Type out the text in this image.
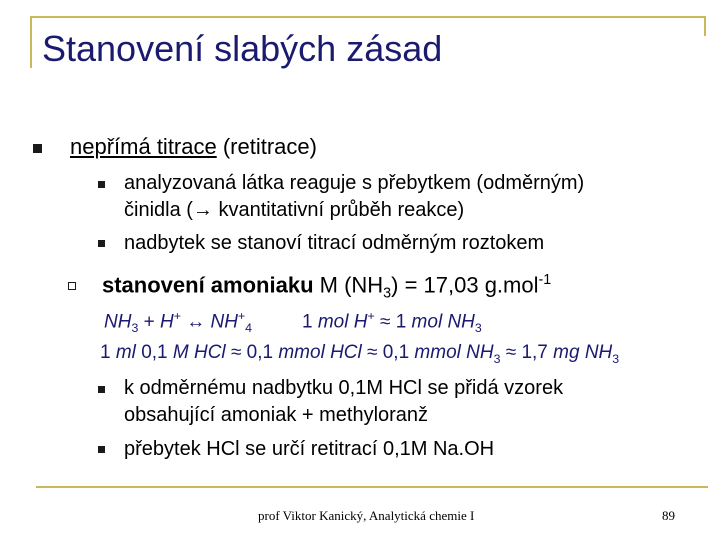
Stanovení slabých zásad
nepřímá titrace (retitrace)
analyzovaná látka reaguje s přebytkem (odměrným)
činidla (→ kvantitativní průběh reakce)
nadbytek se stanoví titrací odměrným roztokem
stanovení amoniaku M $(NH_3) = 17,03$ g.mol$^{-1}$
$NH_3 + H^+$ ↔ $NH^+_4$	1 mol H+ ≈ 1 mol $NH_3$
1 ml 0,1 M HCl ≈ 0,1 mmol HCl ≈ 0,1 mmol $NH_3 \approx 1,7$ mg $NH_3$
k odměrnému nadbytku 0,1M HCl se přidá vzorek
obsahující amoniak + methyloranž
přebytek HCl se určí retitrací 0,1M Na.OH
prof Viktor Kanický, Analytická chemie I	89
